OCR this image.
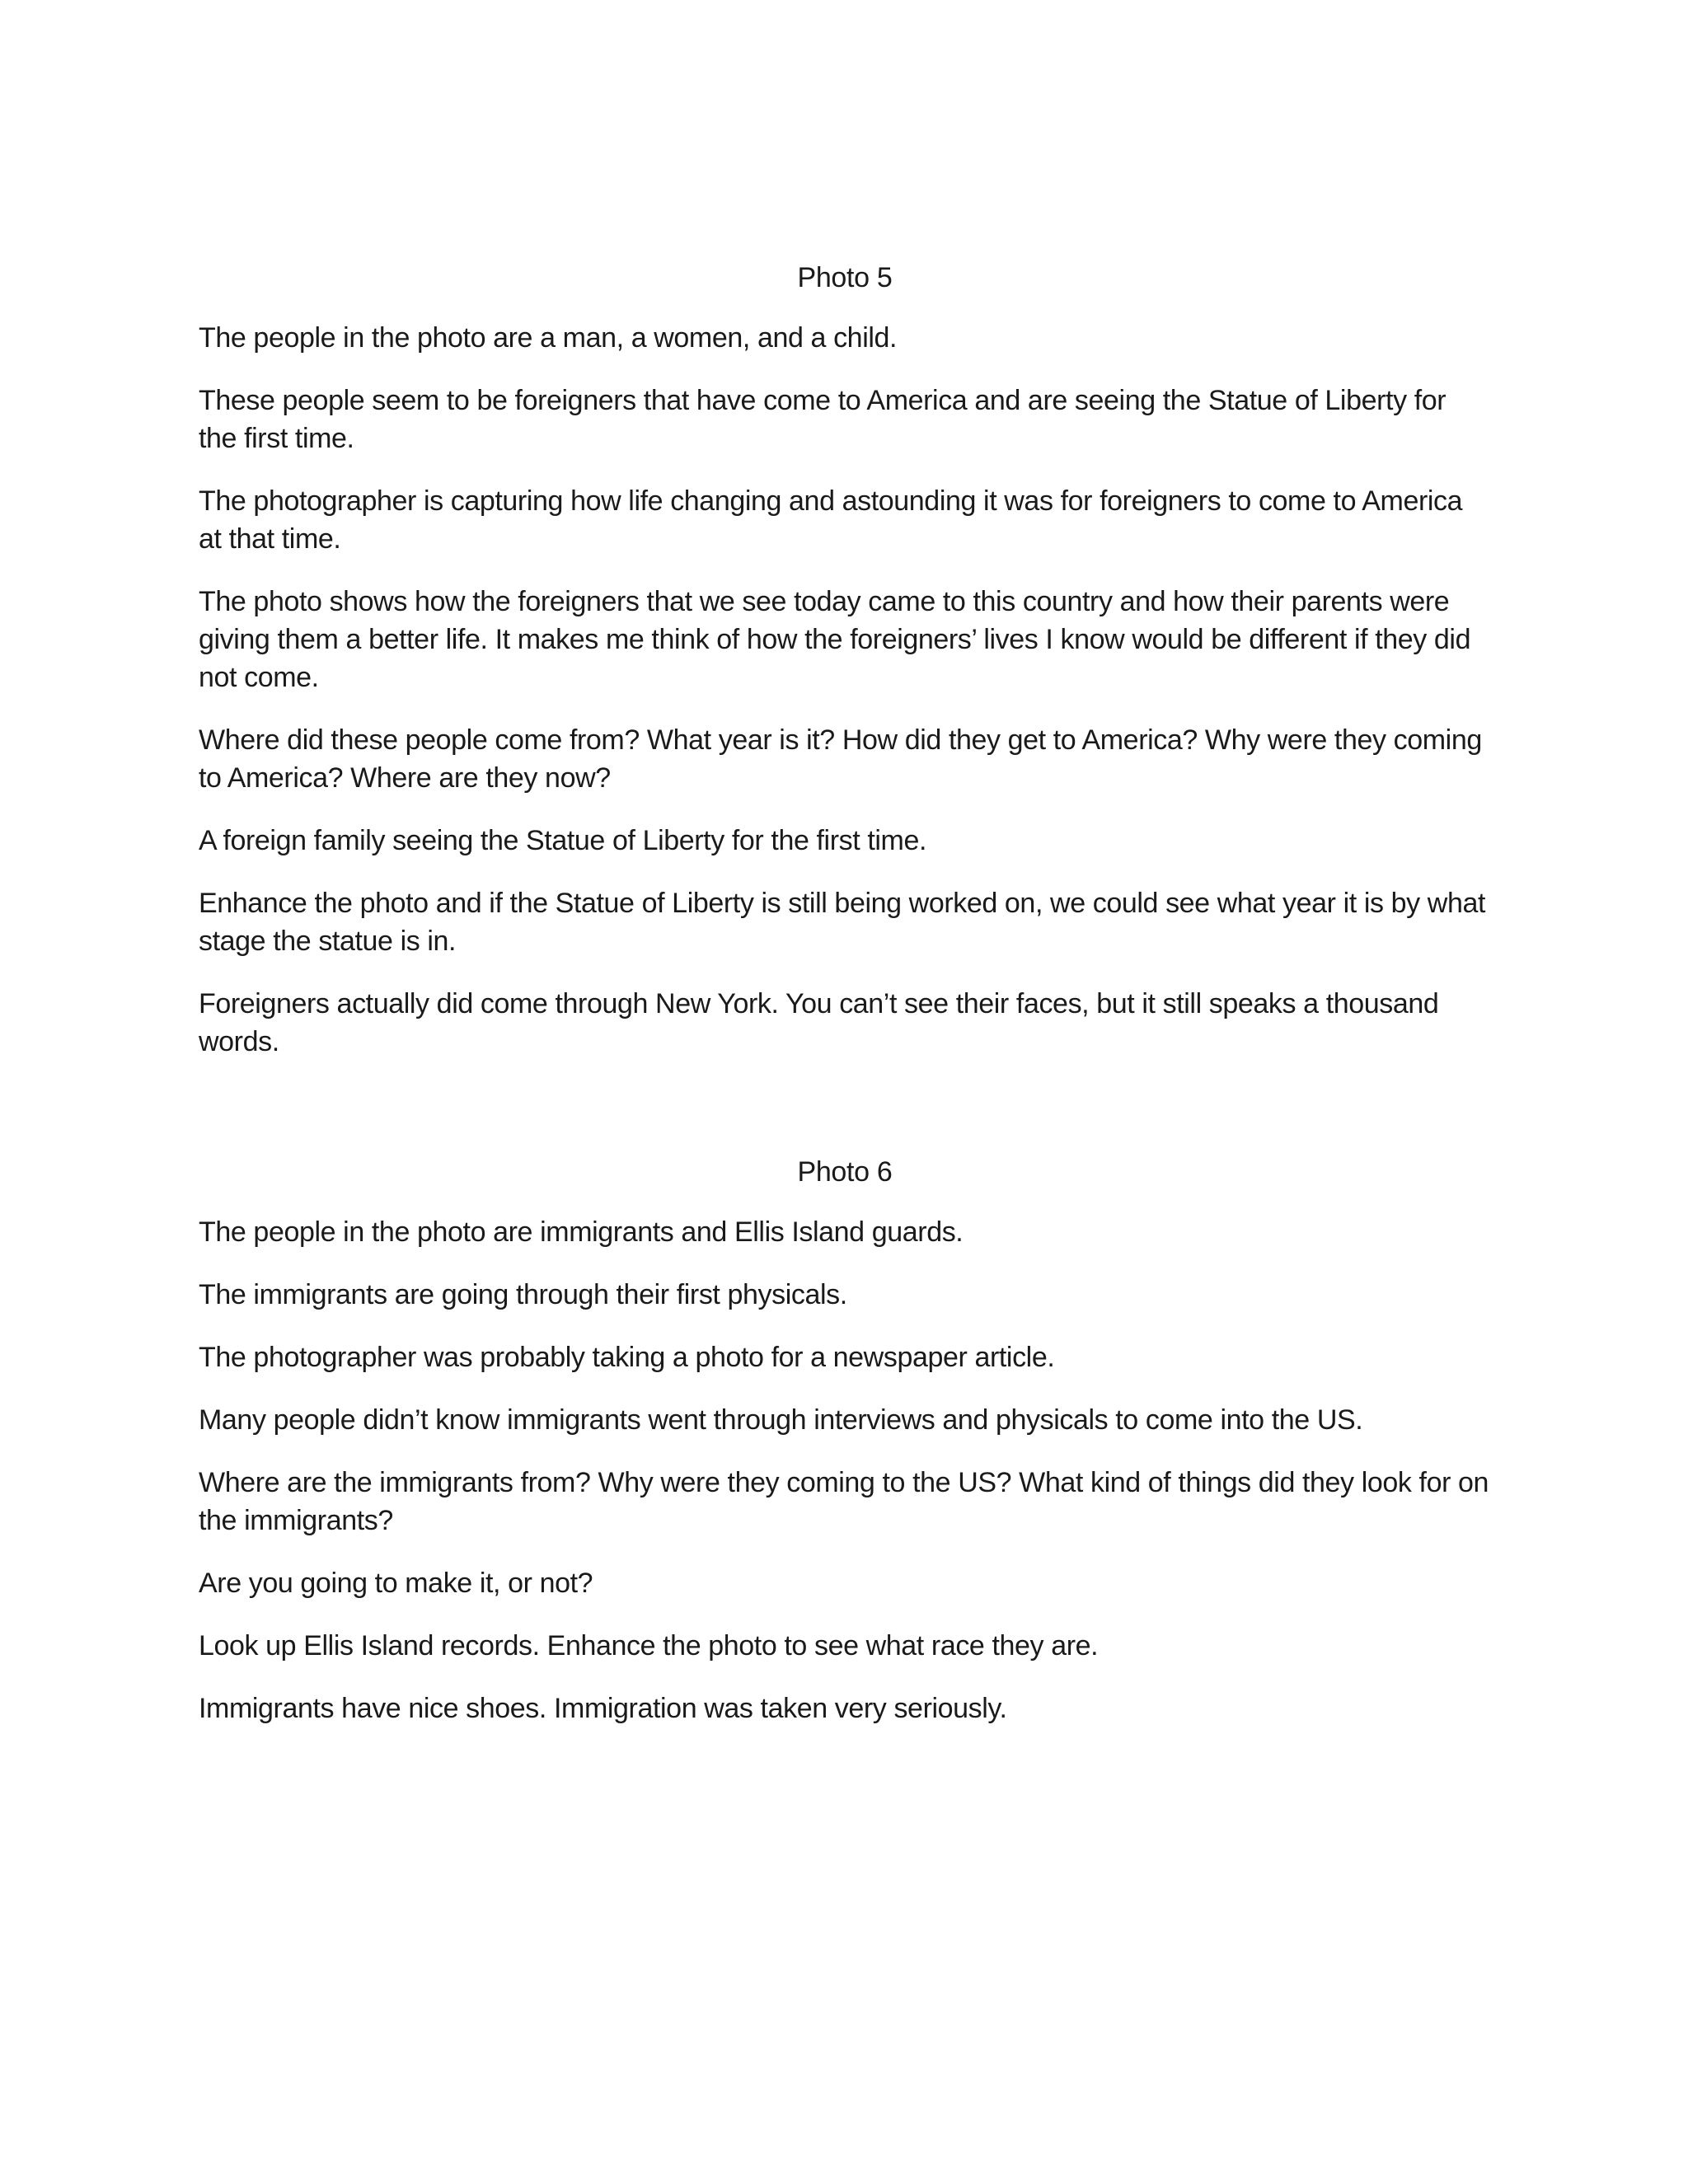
Photo 5

The people in the photo are a man, a women, and a child.

These people seem to be foreigners that have come to America and are seeing the Statue of Liberty for the first time.

The photographer is capturing how life changing and astounding it was for foreigners to come to America at that time.

The photo shows how the foreigners that we see today came to this country and how their parents were giving them a better life. It makes me think of how the foreigners’ lives I know would be different if they did not come.

Where did these people come from? What year is it? How did they get to America? Why were they coming to America? Where are they now?

A foreign family seeing the Statue of Liberty for the first time.

Enhance the photo and if the Statue of Liberty is still being worked on, we could see what year it is by what stage the statue is in.

Foreigners actually did come through New York. You can’t see their faces, but it still speaks a thousand words.

Photo 6

The people in the photo are immigrants and Ellis Island guards.

The immigrants are going through their first physicals.

The photographer was probably taking a photo for a newspaper article.

Many people didn’t know immigrants went through interviews and physicals to come into the US.

Where are the immigrants from? Why were they coming to the US? What kind of things did they look for on the immigrants?

Are you going to make it, or not?

Look up Ellis Island records. Enhance the photo to see what race they are.

Immigrants have nice shoes. Immigration was taken very seriously.
